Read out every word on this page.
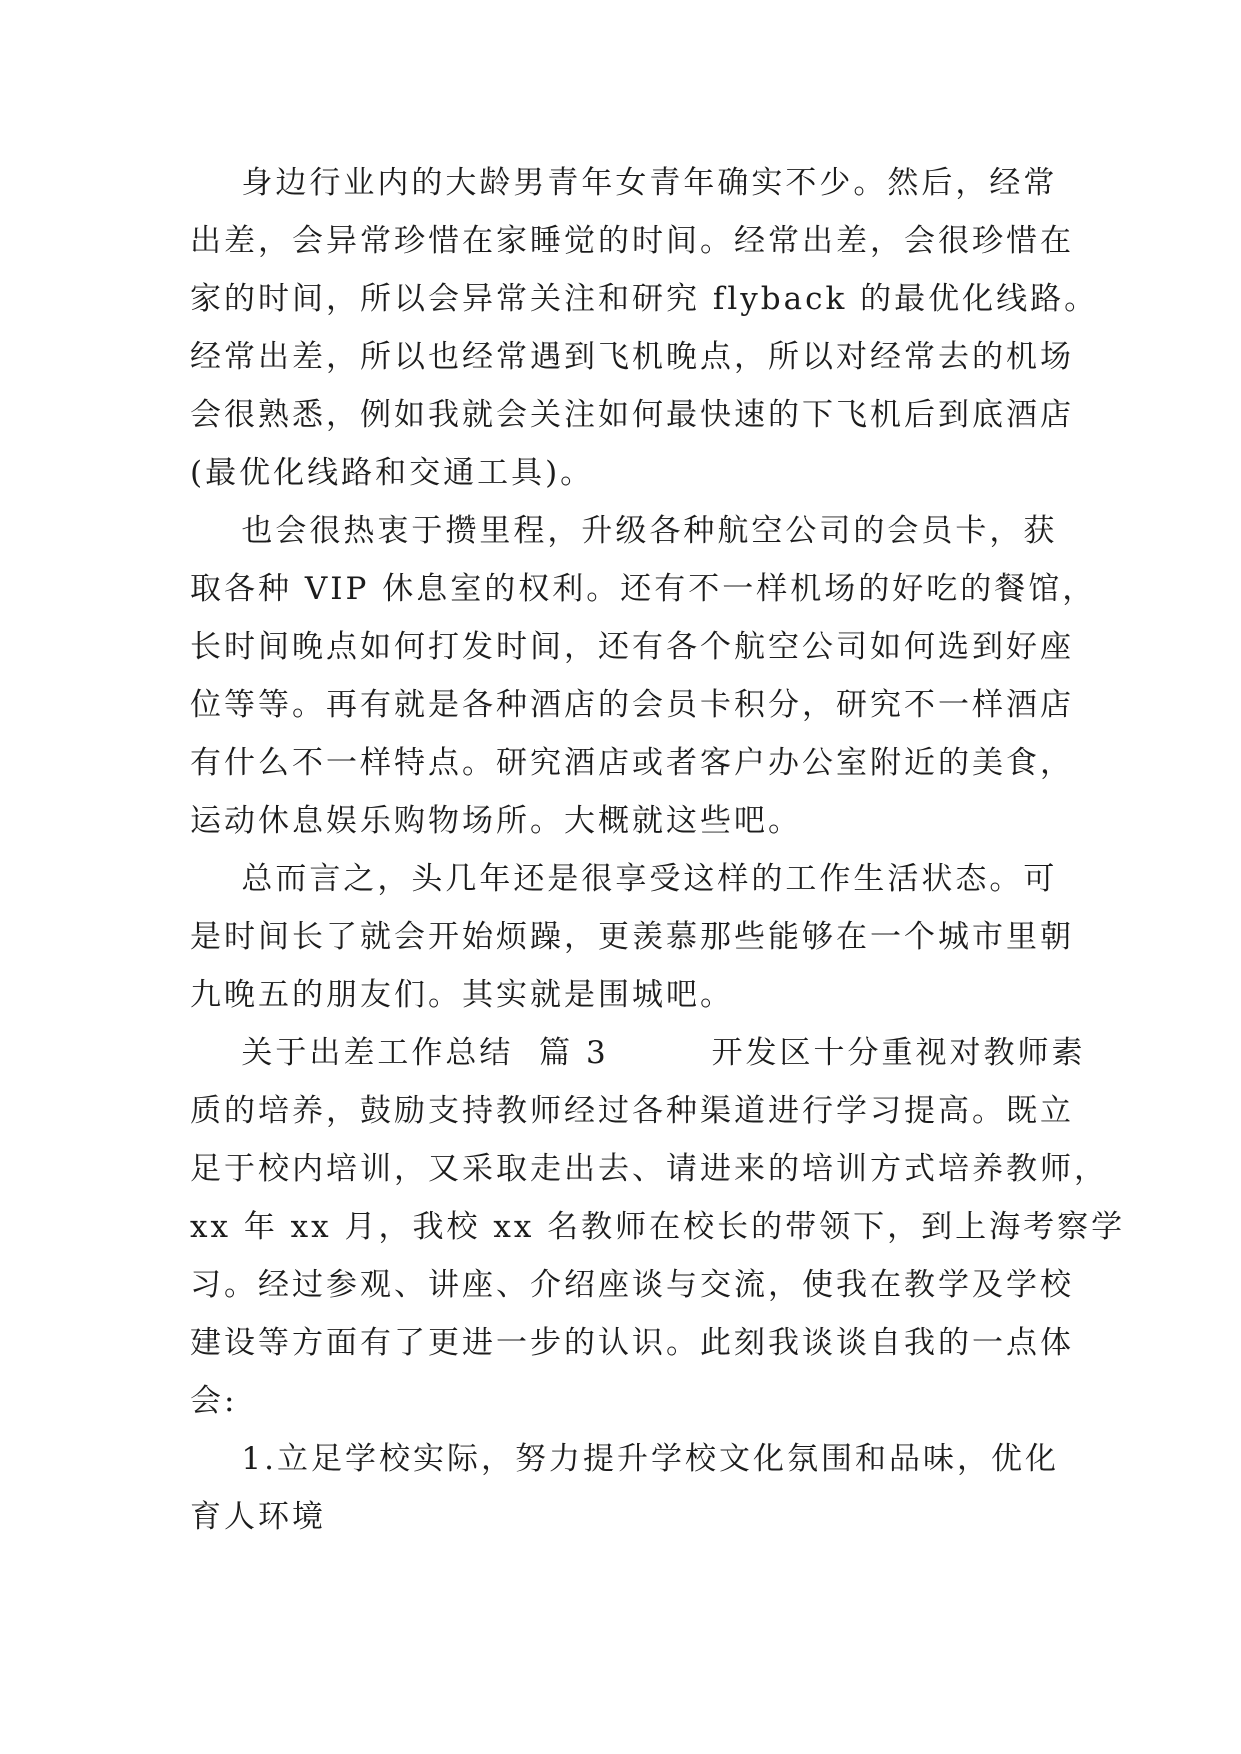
身边行业内的大龄男青年女青年确实不少。然后，经常
出差，会异常珍惜在家睡觉的时间。经常出差，会很珍惜在
家的时间，所以会异常关注和研究 flyback 的最优化线路。
经常出差，所以也经常遇到飞机晚点，所以对经常去的机场
会很熟悉，例如我就会关注如何最快速的下飞机后到底酒店
(最优化线路和交通工具)。
也会很热衷于攒里程，升级各种航空公司的会员卡，获
取各种 VIP 休息室的权利。还有不一样机场的好吃的餐馆，
长时间晚点如何打发时间，还有各个航空公司如何选到好座
位等等。再有就是各种酒店的会员卡积分，研究不一样酒店
有什么不一样特点。研究酒店或者客户办公室附近的美食，
运动休息娱乐购物场所。大概就这些吧。
总而言之，头几年还是很享受这样的工作生活状态。可
是时间长了就会开始烦躁，更羡慕那些能够在一个城市里朝
九晚五的朋友们。其实就是围城吧。
关于出差工作总结  篇 3        开发区十分重视对教师素
质的培养，鼓励支持教师经过各种渠道进行学习提高。既立
足于校内培训，又采取走出去、请进来的培训方式培养教师，
xx 年 xx 月，我校 xx 名教师在校长的带领下，到上海考察学
习。经过参观、讲座、介绍座谈与交流，使我在教学及学校
建设等方面有了更进一步的认识。此刻我谈谈自我的一点体
会:
1.立足学校实际，努力提升学校文化氛围和品味，优化
育人环境
